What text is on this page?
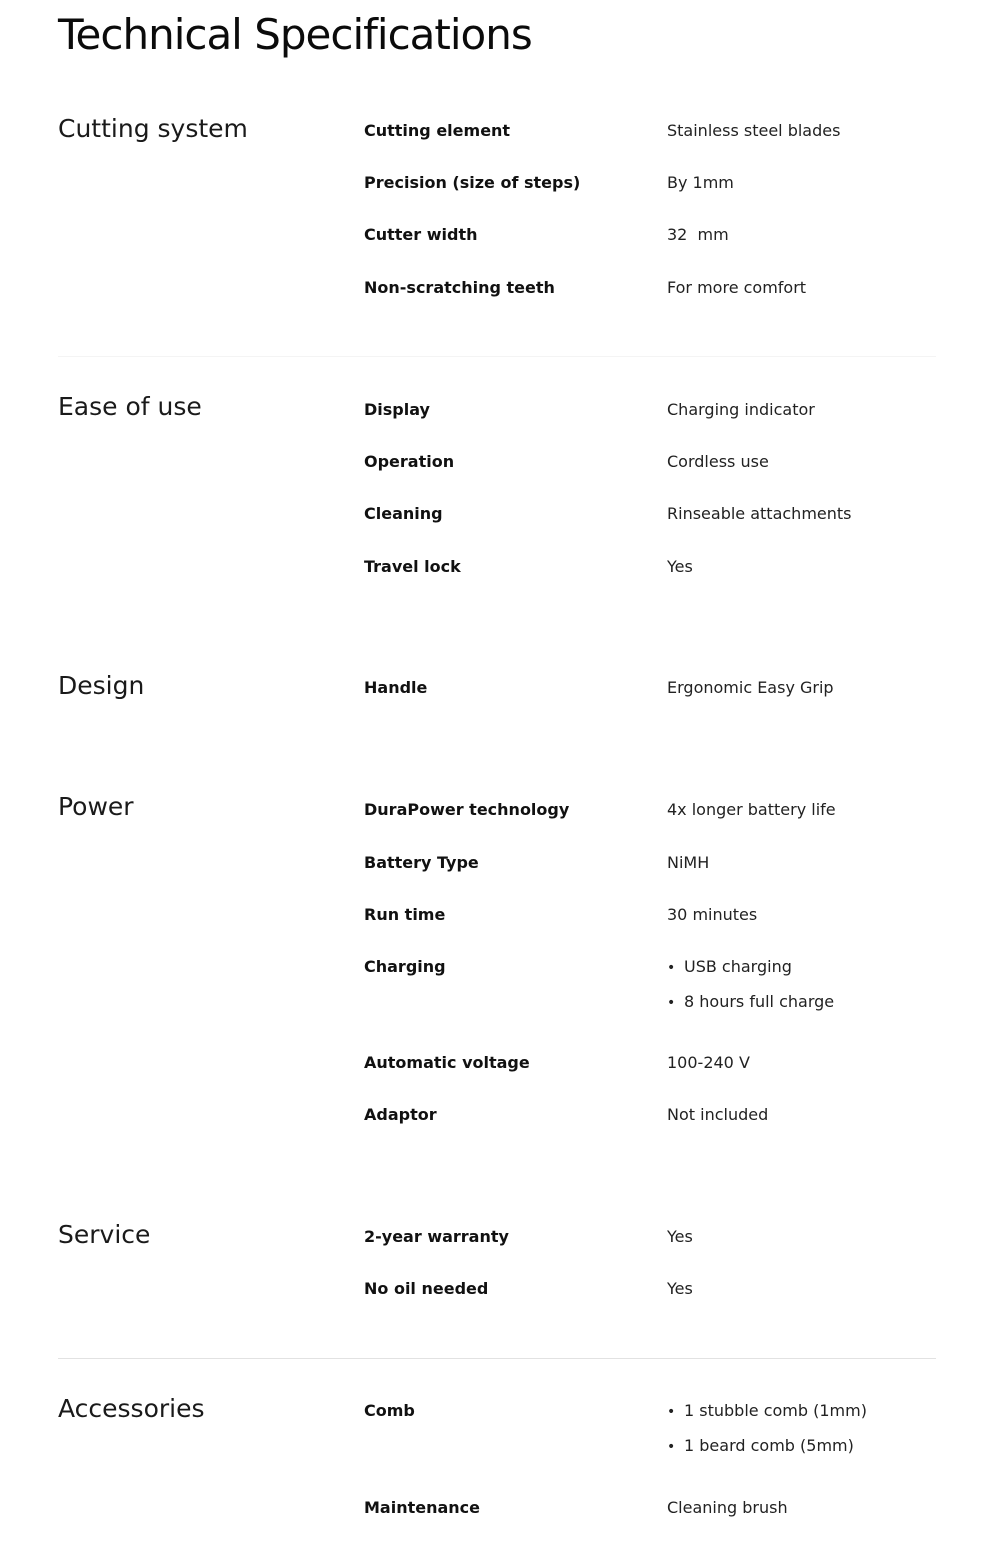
Technical Specifications
Cutting system	Cutting element	Stainless steel blades
Precision (size of steps)	By 1mm
Cutter width	32  mm
Non-scratching teeth	For more comfort
Ease of use	Display	Charging indicator
Operation	Cordless use
Cleaning	Rinseable attachments
Travel lock	Yes
Design	Handle	Ergonomic Easy Grip
Power	DuraPower technology	4x longer battery life
Battery Type	NiMH
Run time	30 minutes
Charging	• USB charging
• 8 hours full charge
Automatic voltage	100-240 V
Adaptor	Not included
Service	2-year warranty	Yes
No oil needed	Yes
Accessories	Comb	• 1 stubble comb (1mm)
• 1 beard comb (5mm)
Maintenance	Cleaning brush
